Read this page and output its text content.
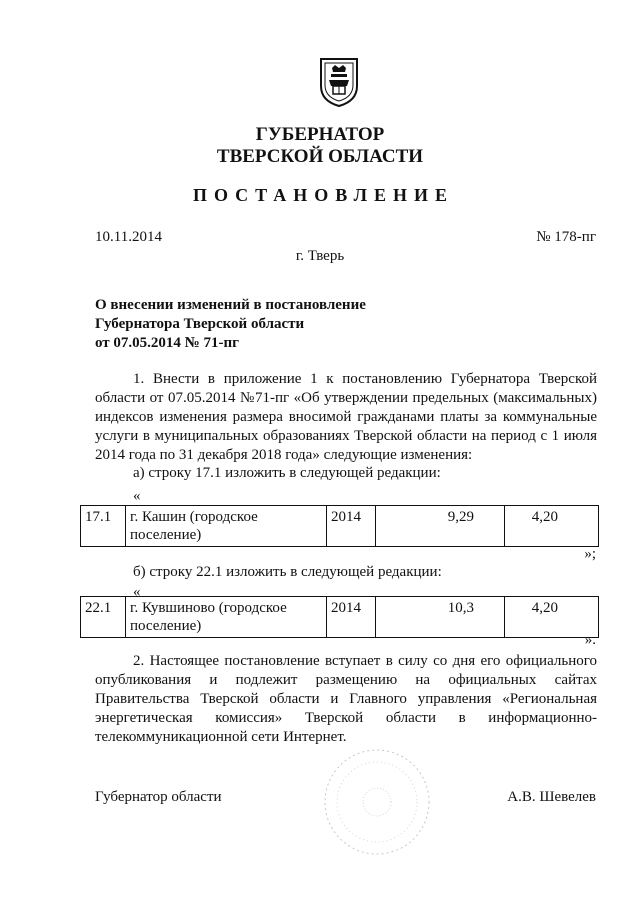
ГУБЕРНАТОР
ТВЕРСКОЙ ОБЛАСТИ
ПОСТАНОВЛЕНИЕ
10.11.2014	№ 178-пг
г. Тверь
О внесении изменений в постановление
Губернатора Тверской области
от 07.05.2014 № 71-пг
1. Внести в приложение 1 к постановлению Губернатора Тверской
области от 07.05.2014 №71-пг «Об утверждении предельных (максимальных)
индексов изменения размера вносимой гражданами платы за коммунальные
услуги в муниципальных образованиях Тверской области на период с 1 июля
2014 года по 31 декабря 2018 года» следующие изменения:
а) строку 17.1 изложить в следующей редакции:
«
17.1	г. Кашин (городское поселение)	2014	9,29	4,20
»;
б) строку 22.1 изложить в следующей редакции:
«
22.1	г. Кувшиново (городское поселение)	2014	10,3	4,20
».
2. Настоящее постановление вступает в силу со дня его официального
опубликования и подлежит размещению на официальных сайтах
Правительства Тверской области и Главного управления «Региональная
энергетическая комиссия» Тверской области в информационно-
телекоммуникационной сети Интернет.
Губернатор области	А.В. Шевелев
